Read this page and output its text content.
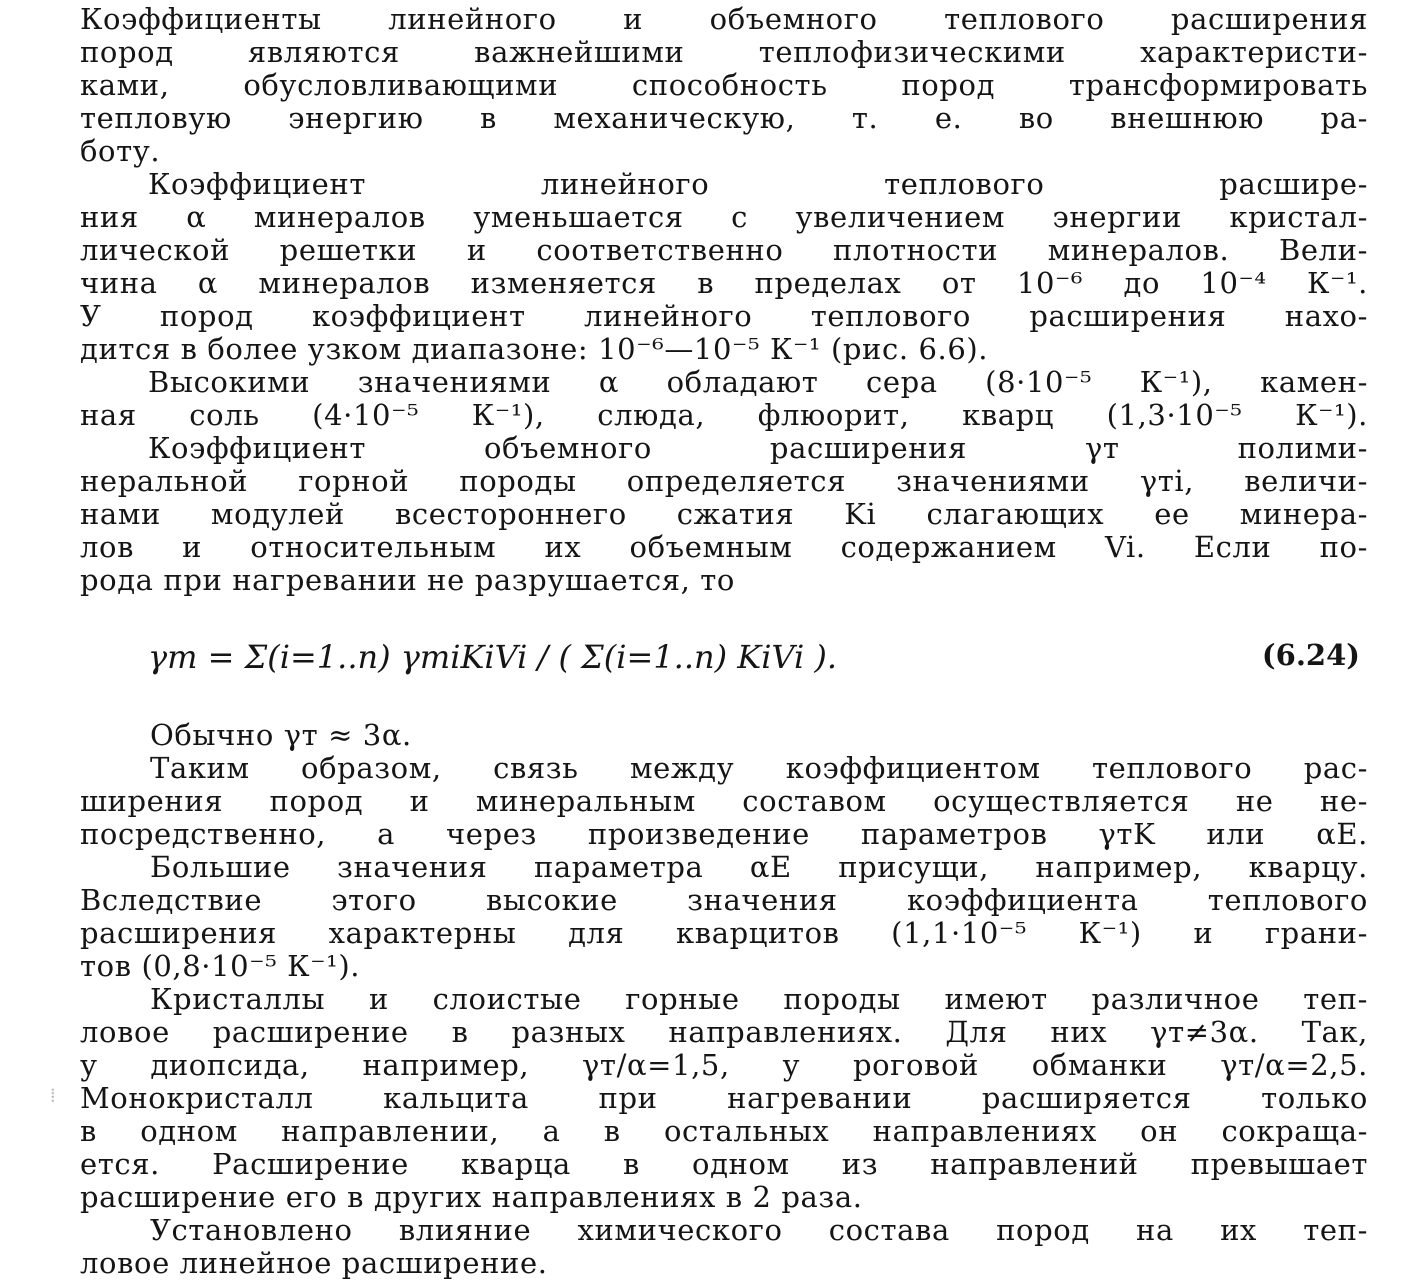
Коэффициенты линейного и объемного теплового расширения
пород являются важнейшими теплофизическими характеристи-
ками, обусловливающими способность пород трансформировать
тепловую энергию в механическую, т. е. во внешнюю ра-
боту.
Коэффициент линейного теплового расшире-
ния α минералов уменьшается с увеличением энергии кристал-
лической решетки и соответственно плотности минералов. Вели-
чина α минералов изменяется в пределах от 10⁻⁶ до 10⁻⁴ К⁻¹.
У пород коэффициент линейного теплового расширения нахо-
дится в более узком диапазоне: 10⁻⁶—10⁻⁵ К⁻¹ (рис. 6.6).
Высокими значениями α обладают сера (8·10⁻⁵ К⁻¹), камен-
ная соль (4·10⁻⁵ К⁻¹), слюда, флюорит, кварц (1,3·10⁻⁵ К⁻¹).
Коэффициент объемного расширения γт полими-
неральной горной породы определяется значениями γтi, величи-
нами модулей всестороннего сжатия Ki слагающих ее минера-
лов и относительным их объемным содержанием Vi. Если по-
рода при нагревании не разрушается, то
γт = Σ(i=1..n) γтiKiVi / ( Σ(i=1..n) KiVi ).	(6.24)
Обычно γт ≈ 3α.
Таким образом, связь между коэффициентом теплового рас-
ширения пород и минеральным составом осуществляется не не-
посредственно, а через произведение параметров γтK или αE.
Большие значения параметра αE присущи, например, кварцу.
Вследствие этого высокие значения коэффициента теплового
расширения характерны для кварцитов (1,1·10⁻⁵ К⁻¹) и грани-
тов (0,8·10⁻⁵ К⁻¹).
Кристаллы и слоистые горные породы имеют различное теп-
ловое расширение в разных направлениях. Для них γт≠3α. Так,
у диопсида, например, γт/α=1,5, у роговой обманки γт/α=2,5.
Монокристалл кальцита при нагревании расширяется только
в одном направлении, а в остальных направлениях он сокраща-
ется. Расширение кварца в одном из направлений превышает
расширение его в других направлениях в 2 раза.
Установлено влияние химического состава пород на их теп-
ловое линейное расширение.
⁞
